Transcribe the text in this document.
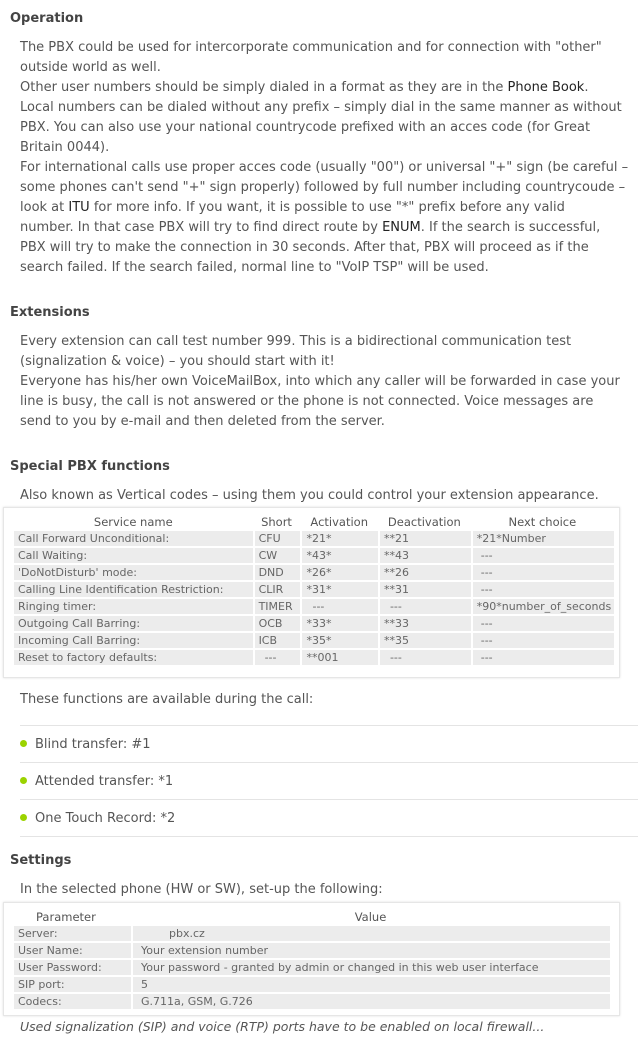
Operation
The PBX could be used for intercorporate communication and for connection with "other"
outside world as well.
Other user numbers should be simply dialed in a format as they are in the Phone Book.
Local numbers can be dialed without any prefix – simply dial in the same manner as without
PBX. You can also use your national countrycode prefixed with an acces code (for Great
Britain 0044).
For international calls use proper acces code (usually "00") or universal "+" sign (be careful –
some phones can't send "+" sign properly) followed by full number including countrycoude –
look at ITU for more info. If you want, it is possible to use "*" prefix before any valid
number. In that case PBX will try to find direct route by ENUM. If the search is successful,
PBX will try to make the connection in 30 seconds. After that, PBX will proceed as if the
search failed. If the search failed, normal line to "VoIP TSP" will be used.
Extensions
Every extension can call test number 999. This is a bidirectional communication test
(signalization & voice) – you should start with it!
Everyone has his/her own VoiceMailBox, into which any caller will be forwarded in case your
line is busy, the call is not answered or the phone is not connected. Voice messages are
send to you by e-mail and then deleted from the server.
Special PBX functions
Also known as Vertical codes – using them you could control your extension appearance.
Service name	Short	Activation	Deactivation	Next choice
Call Forward Unconditional:	CFU	*21*	**21	*21*Number
Call Waiting:	CW	*43*	**43	---
'DoNotDisturb' mode:	DND	*26*	**26	---
Calling Line Identification Restriction:	CLIR	*31*	**31	---
Ringing timer:	TIMER	---	---	*90*number_of_seconds
Outgoing Call Barring:	OCB	*33*	**33	---
Incoming Call Barring:	ICB	*35*	**35	---
Reset to factory defaults:	---	**001	---	---
These functions are available during the call:
Blind transfer: #1
Attended transfer: *1
One Touch Record: *2
Settings
In the selected phone (HW or SW), set-up the following:
Parameter	Value
Server:	pbx.cz
User Name:	Your extension number
User Password:	Your password - granted by admin or changed in this web user interface
SIP port:	5
Codecs:	G.711a, GSM, G.726
Used signalization (SIP) and voice (RTP) ports have to be enabled on local firewall...
